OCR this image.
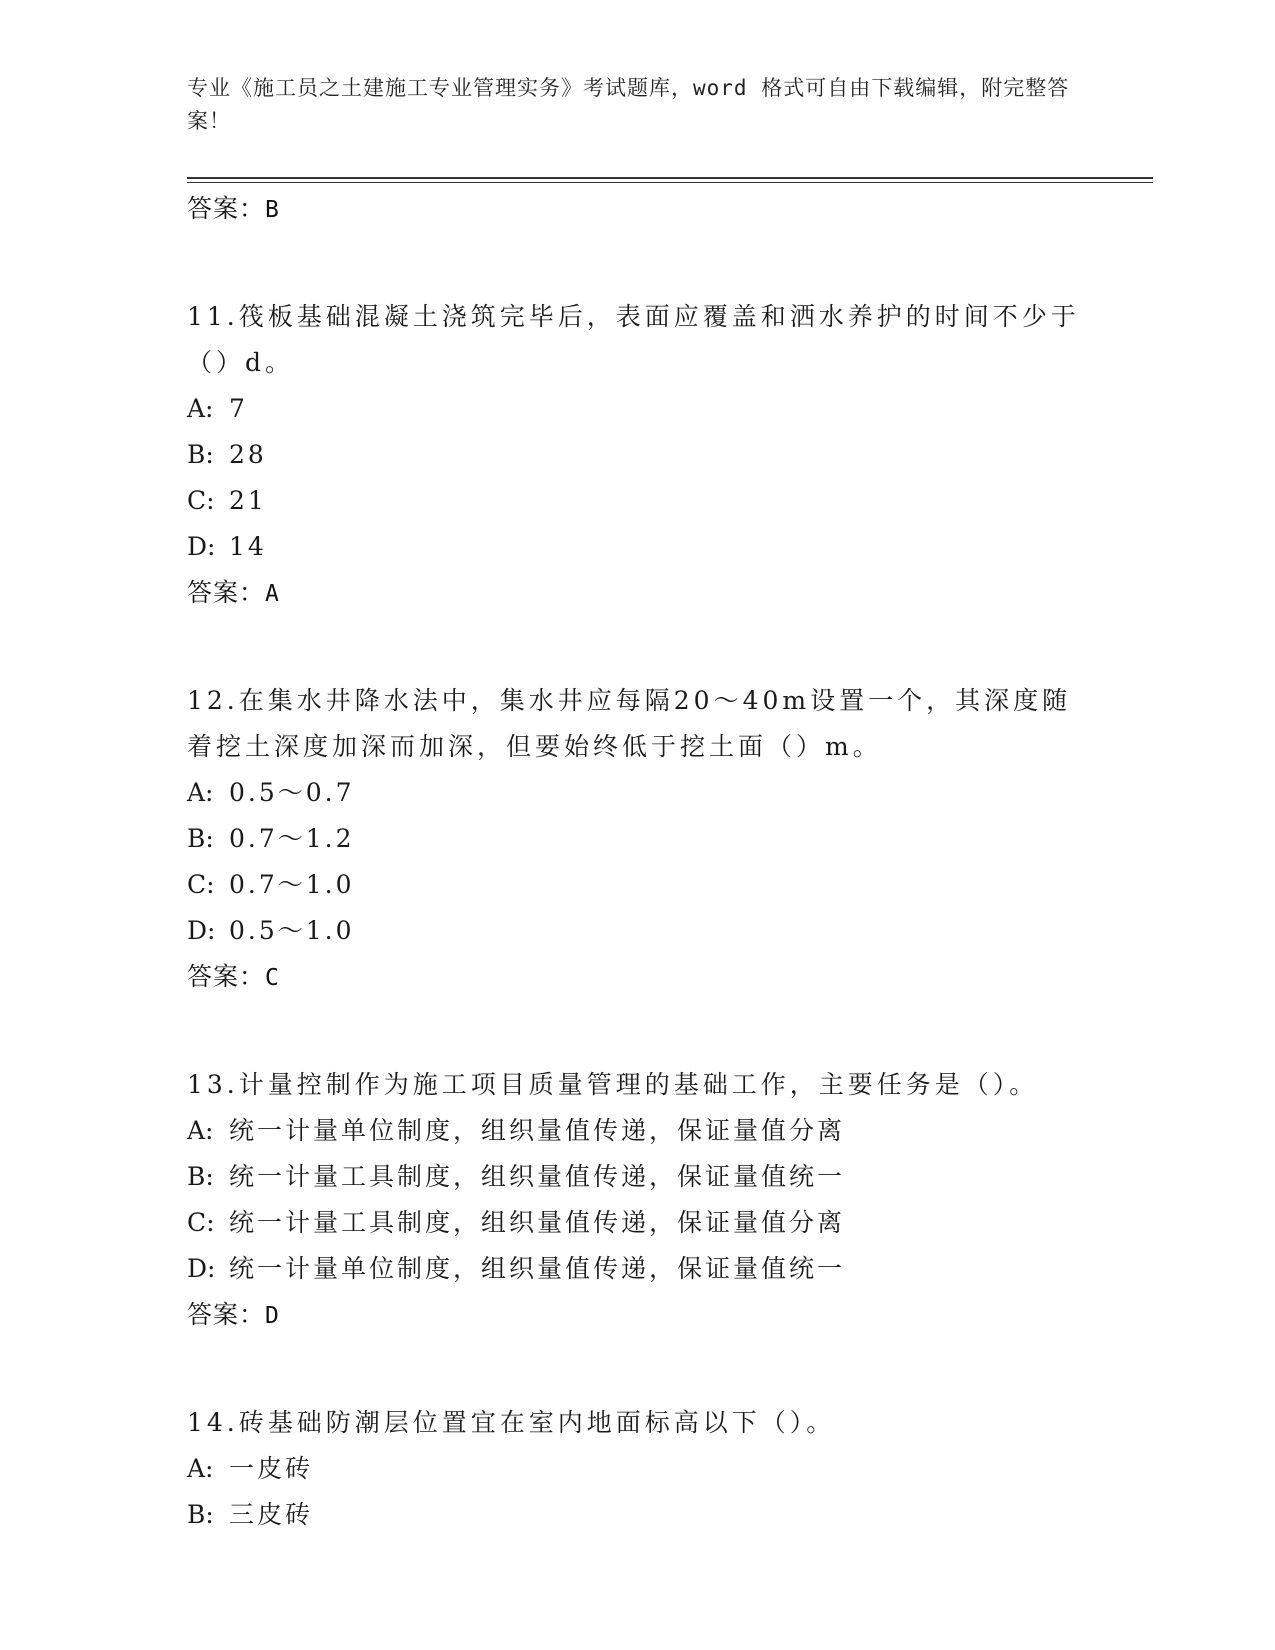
专业《施工员之土建施工专业管理实务》考试题库，word 格式可自由下载编辑，附完整答案！
答案：B
11.筏板基础混凝土浇筑完毕后，表面应覆盖和洒水养护的时间不少于（）d。
A: 7
B: 28
C: 21
D: 14
答案：A
12.在集水井降水法中，集水井应每隔20～40m设置一个，其深度随着挖土深度加深而加深，但要始终低于挖土面（）m。
A: 0.5～0.7
B: 0.7～1.2
C: 0.7～1.0
D: 0.5～1.0
答案：C
13.计量控制作为施工项目质量管理的基础工作，主要任务是（）。
A: 统一计量单位制度，组织量值传递，保证量值分离
B: 统一计量工具制度，组织量值传递，保证量值统一
C: 统一计量工具制度，组织量值传递，保证量值分离
D: 统一计量单位制度，组织量值传递，保证量值统一
答案：D
14.砖基础防潮层位置宜在室内地面标高以下（）。
A: 一皮砖
B: 三皮砖
